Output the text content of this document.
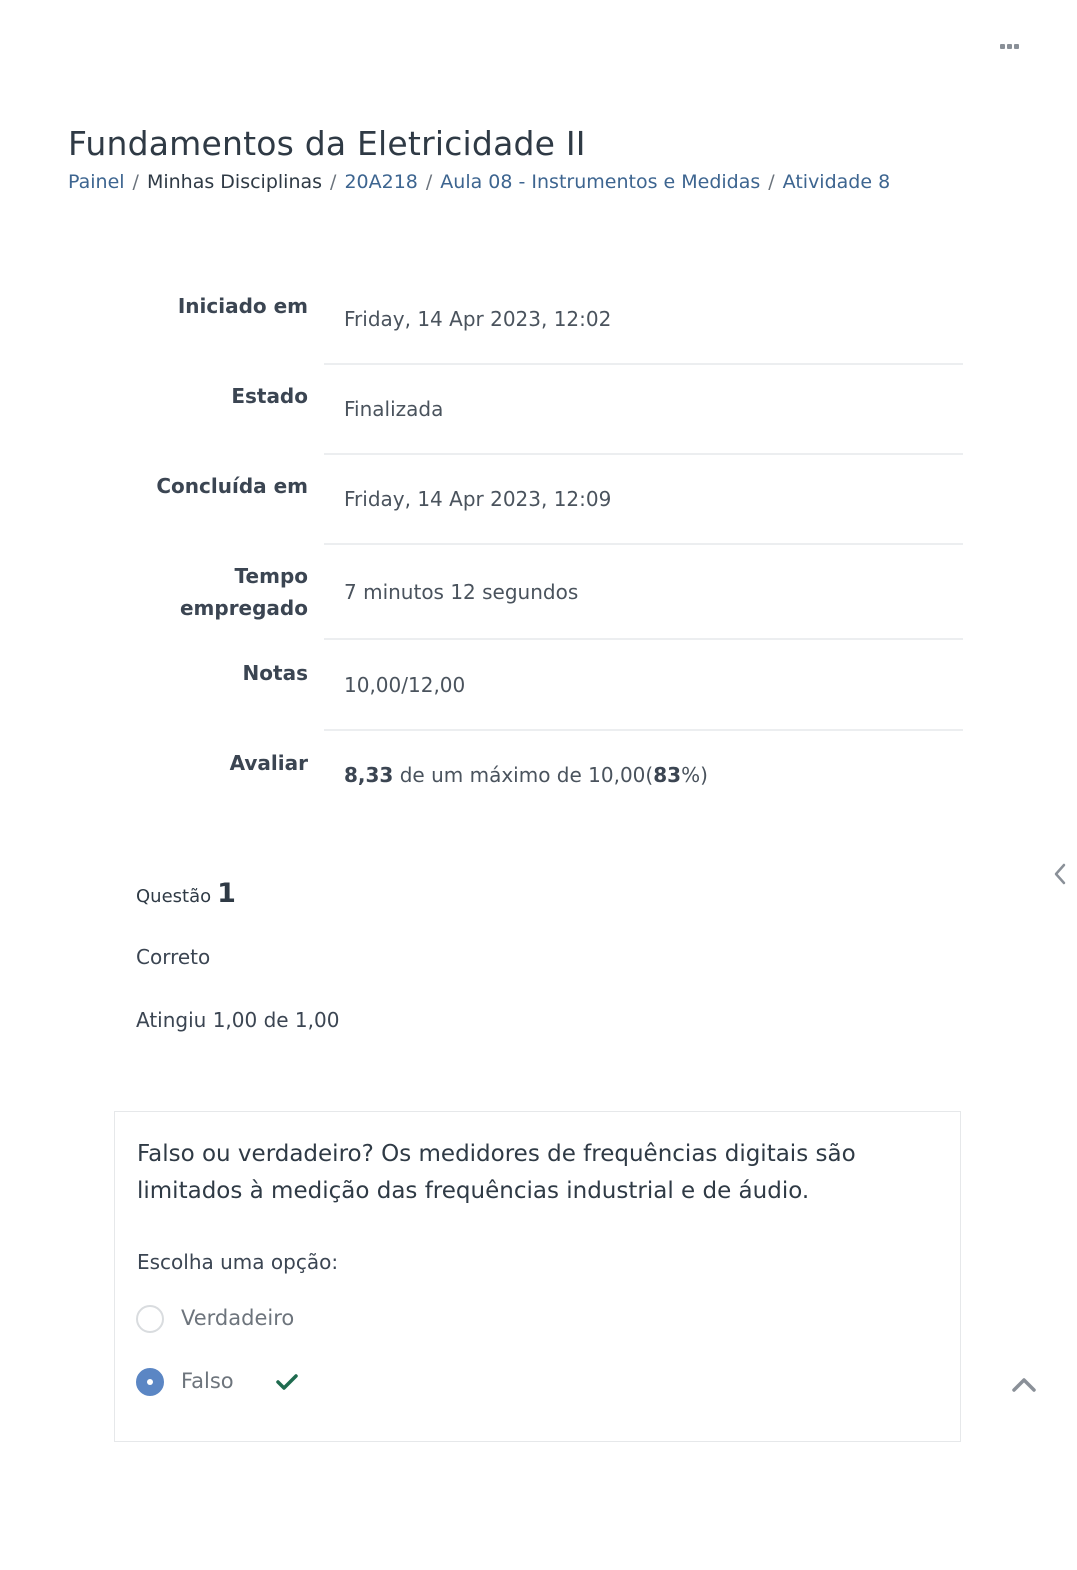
Fundamentos da Eletricidade II
Painel / Minhas Disciplinas / 20A218 / Aula 08 - Instrumentos e Medidas / Atividade 8
Iniciado em
Friday, 14 Apr 2023, 12:02
Estado
Finalizada
Concluída em
Friday, 14 Apr 2023, 12:09
Tempo
empregado
7 minutos 12 segundos
Notas 10,00/12,00
Avaliar 8,33 de um máximo de 10,00(83%)
Questão 1
Correto
Atingiu 1,00 de 1,00
Falso ou verdadeiro? Os medidores de frequências digitais são limitados à medição das frequências industrial e de áudio.
Escolha uma opção:
Verdadeiro
Falso
